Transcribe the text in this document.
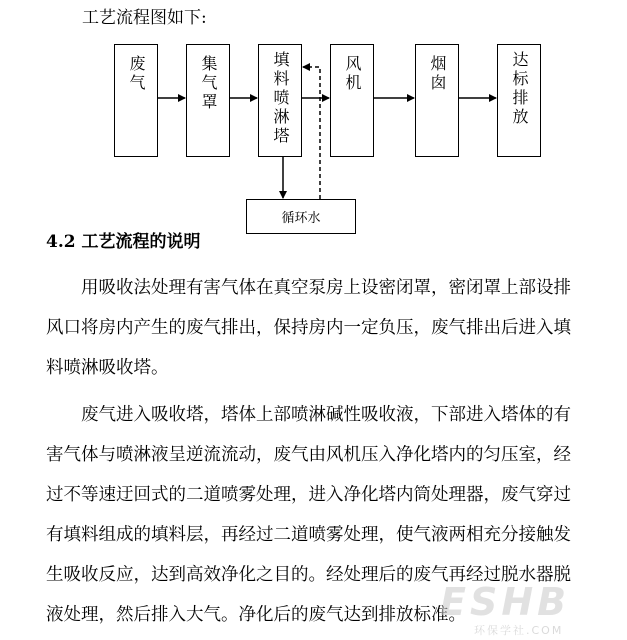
工艺流程图如下:
废气	集气罩	填料喷淋塔	风机	烟囱	达标排放
循环水
4.2 工艺流程的说明
用吸收法处理有害气体在真空泵房上设密闭罩，密闭罩上部设排
风口将房内产生的废气排出，保持房内一定负压，废气排出后进入填
料喷淋吸收塔。
废气进入吸收塔，塔体上部喷淋碱性吸收液，下部进入塔体的有
害气体与喷淋液呈逆流流动，废气由风机压入净化塔内的匀压室，经
过不等速迂回式的二道喷雾处理，进入净化塔内筒处理器，废气穿过
有填料组成的填料层，再经过二道喷雾处理，使气液两相充分接触发
生吸收反应，达到高效净化之目的。经处理后的废气再经过脱水器脱
液处理，然后排入大气。净化后的废气达到排放标准。
ESHB
环保学社.COM
